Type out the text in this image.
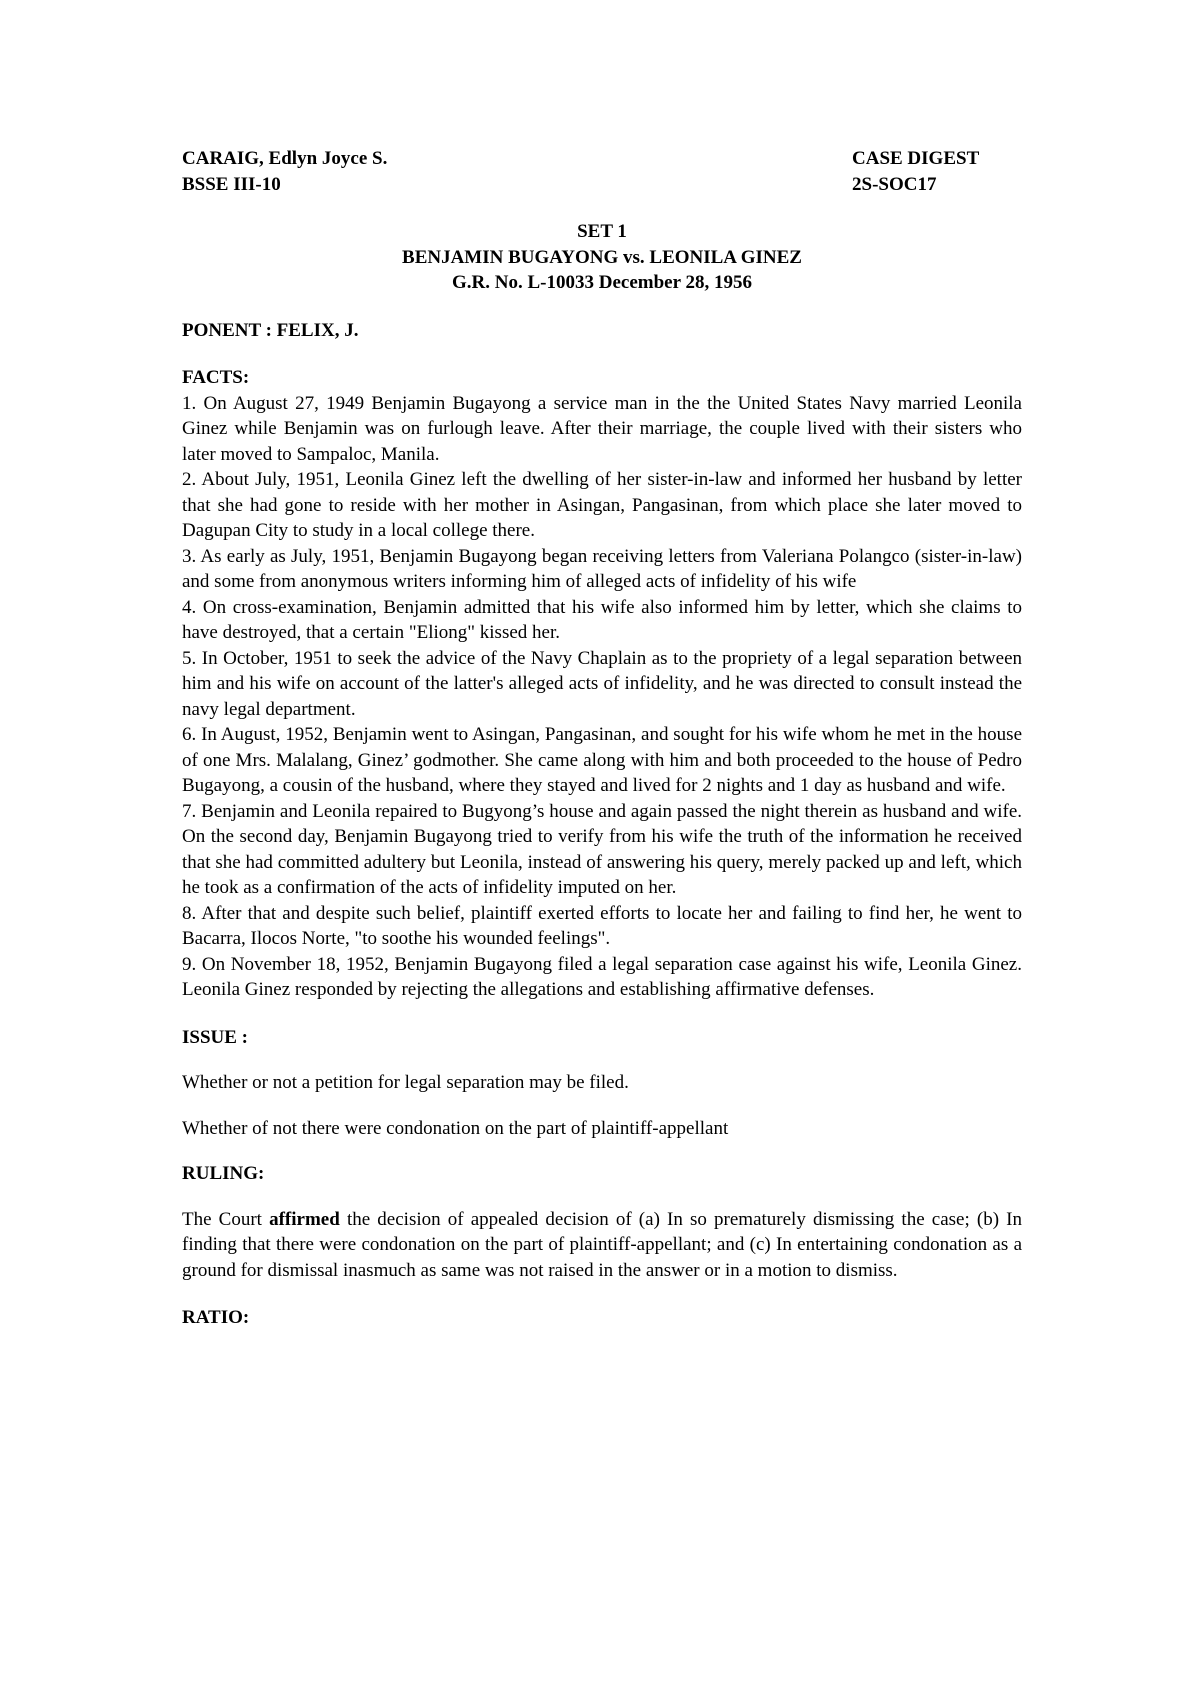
CARAIG, Edlyn Joyce S.	CASE DIGEST
BSSE III-10	2S-SOC17
SET 1
BENJAMIN BUGAYONG vs. LEONILA GINEZ
G.R. No. L-10033 December 28, 1956
PONENT : FELIX, J.
FACTS:

1. On August 27, 1949 Benjamin Bugayong a service man in the the United States Navy married Leonila Ginez while Benjamin was on furlough leave. After their marriage, the couple lived with their sisters who later moved to Sampaloc, Manila.

2. About July, 1951, Leonila Ginez left the dwelling of her sister-in-law and informed her husband by letter that she had gone to reside with her mother in Asingan, Pangasinan, from which place she later moved to Dagupan City to study in a local college there.

3. As early as July, 1951, Benjamin Bugayong began receiving letters from Valeriana Polangco (sister-in-law) and some from anonymous writers informing him of alleged acts of infidelity of his wife

4. On cross-examination, Benjamin admitted that his wife also informed him by letter, which she claims to have destroyed, that a certain "Eliong" kissed her.

5. In October, 1951 to seek the advice of the Navy Chaplain as to the propriety of a legal separation between him and his wife on account of the latter's alleged acts of infidelity, and he was directed to consult instead the navy legal department.

6. In August, 1952, Benjamin went to Asingan, Pangasinan, and sought for his wife whom he met in the house of one Mrs. Malalang, Ginez’ godmother. She came along with him and both proceeded to the house of Pedro Bugayong, a cousin of the husband, where they stayed and lived for 2 nights and 1 day as husband and wife.

7. Benjamin and Leonila repaired to Bugyong’s house and again passed the night therein as husband and wife. On the second day, Benjamin Bugayong tried to verify from his wife the truth of the information he received that she had committed adultery but Leonila, instead of answering his query, merely packed up and left, which he took as a confirmation of the acts of infidelity imputed on her.

8. After that and despite such belief, plaintiff exerted efforts to locate her and failing to find her, he went to Bacarra, Ilocos Norte, "to soothe his wounded feelings".

9. On November 18, 1952, Benjamin Bugayong filed a legal separation case against his wife, Leonila Ginez. Leonila Ginez responded by rejecting the allegations and establishing affirmative defenses.

ISSUE :

Whether or not a petition for legal separation may be filed.

Whether of not there were condonation on the part of plaintiff-appellant

RULING:

The Court affirmed the decision of appealed decision of (a) In so prematurely dismissing the case; (b) In finding that there were condonation on the part of plaintiff-appellant; and (c) In entertaining condonation as a ground for dismissal inasmuch as same was not raised in the answer or in a motion to dismiss.

RATIO:
